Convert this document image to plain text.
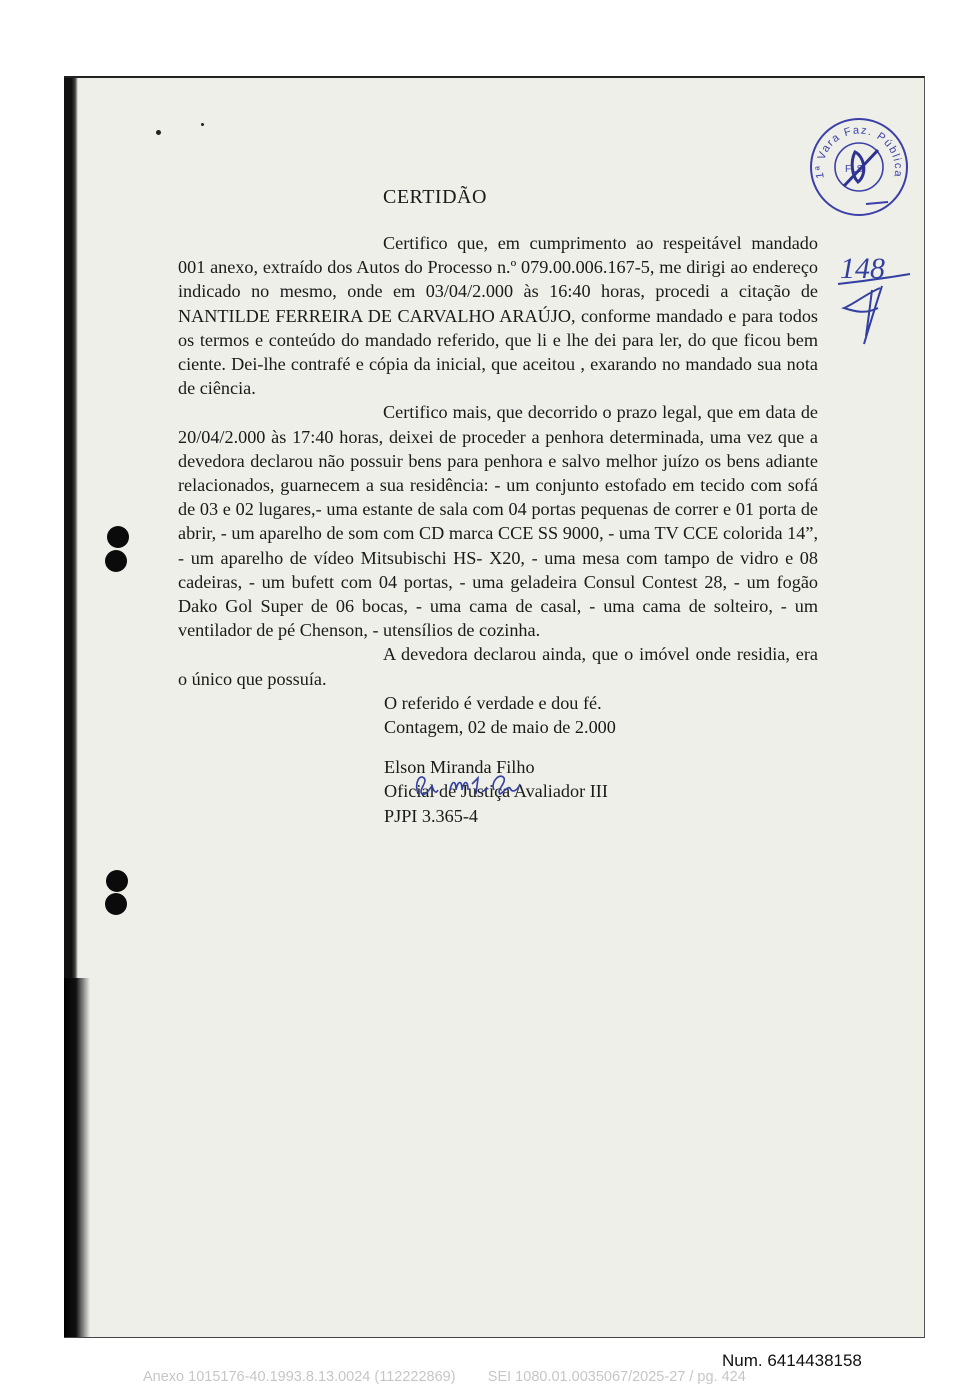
1ª Vara Faz. Pública
FLS
148
CERTIDÃO

Certifico que, em cumprimento ao respeitável mandado 001 anexo, extraído dos Autos do Processo n.º 079.00.006.167-5, me dirigi ao endereço indicado no mesmo, onde em 03/04/2.000 às 16:40 horas, procedi a citação de NANTILDE FERREIRA DE CARVALHO ARAÚJO, conforme mandado e para todos os termos e conteúdo do mandado referido, que li e lhe dei para ler, do que ficou bem ciente. Dei-lhe contrafé e cópia da inicial, que aceitou , exarando no mandado sua nota de ciência.

Certifico mais, que decorrido o prazo legal, que em data de 20/04/2.000 às 17:40 horas, deixei de proceder a penhora determinada, uma vez que a devedora declarou não possuir bens para penhora e salvo melhor juízo os bens adiante relacionados, guarnecem a sua residência: - um conjunto estofado em tecido com sofá de 03 e 02 lugares,- uma estante de sala com 04 portas pequenas de correr e 01 porta de abrir, - um aparelho de som com CD marca CCE SS 9000, - uma TV CCE colorida 14”, - um aparelho de vídeo Mitsubischi HS- X20, - uma mesa com tampo de vidro e 08 cadeiras, - um bufett com 04 portas, - uma geladeira Consul Contest 28, - um fogão Dako Gol Super de 06 bocas, - uma cama de casal, - uma cama de solteiro, - um ventilador de pé Chenson, - utensílios de cozinha.

A devedora declarou ainda, que o imóvel onde residia, era o único que possuía.

O referido é verdade e dou fé.
Contagem, 02 de maio de 2.000
Elson Miranda Filho
Oficial de Justiça Avaliador III
PJPI 3.365-4
Num. 6414438158
Anexo 1015176-40.1993.8.13.0024 (112222869)        SEI 1080.01.0035067/2025-27 / pg. 424
